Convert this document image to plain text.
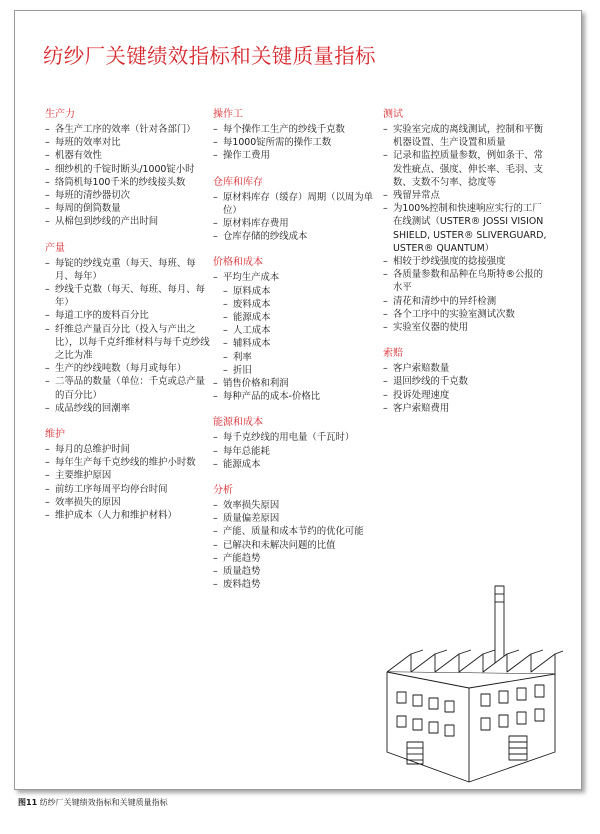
纺纱厂关键绩效指标和关键质量指标
生产力
– 各生产工序的效率（针对各部门）
– 每班的效率对比
– 机器有效性
– 细纱机的千锭时断头/1000锭小时
– 络筒机每100千米的纱线接头数
– 每班的清纱器切次
– 每周的倒筒数量
– 从棉包到纱线的产出时间
产量
– 每锭的纱线克重（每天、每班、每月、每年）
– 纱线千克数（每天、每班、每月、每年）
– 每道工序的废料百分比
– 纤维总产量百分比（投入与产出之比），以每千克纤维材料与每千克纱线之比为准
– 生产的纱线吨数（每月或每年）
– 二等品的数量（单位：千克或总产量的百分比）
– 成品纱线的回潮率
维护
– 每月的总维护时间
– 每年生产每千克纱线的维护小时数
– 主要维护原因
– 前纺工序每周平均停台时间
– 效率损失的原因
– 维护成本（人力和维护材料）
操作工
– 每个操作工生产的纱线千克数
– 每1000锭所需的操作工数
– 操作工费用
仓库和库存
– 原材料库存（缓存）周期（以周为单位）
– 原材料库存费用
– 仓库存储的纱线成本
价格和成本
– 平均生产成本
– 原料成本
– 废料成本
– 能源成本
– 人工成本
– 辅料成本
– 利率
– 折旧
– 销售价格和利润
– 每种产品的成本-价格比
能源和成本
– 每千克纱线的用电量（千瓦时）
– 每年总能耗
– 能源成本
分析
– 效率损失原因
– 质量偏差原因
– 产能、质量和成本节约的优化可能
– 已解决和未解决问题的比值
– 产能趋势
– 质量趋势
– 废料趋势
测试
– 实验室完成的离线测试，控制和平衡机器设置、生产设置和质量
– 记录和监控质量参数，例如条干、常发性疵点、强度、伸长率、毛羽、支数、支数不匀率、捻度等
– 残留异常点
– 为100%控制和快速响应实行的工厂在线测试（USTER® JOSSI VISION SHIELD, USTER® SLIVERGUARD, USTER® QUANTUM）
– 相较于纱线强度的捻接强度
– 各质量参数和品种在乌斯特®公报的水平
– 清花和清纱中的异纤检测
– 各个工序中的实验室测试次数
– 实验室仪器的使用
索赔
– 客户索赔数量
– 退回纱线的千克数
– 投诉处理速度
– 客户索赔费用
图11 纺纱厂关键绩效指标和关键质量指标
